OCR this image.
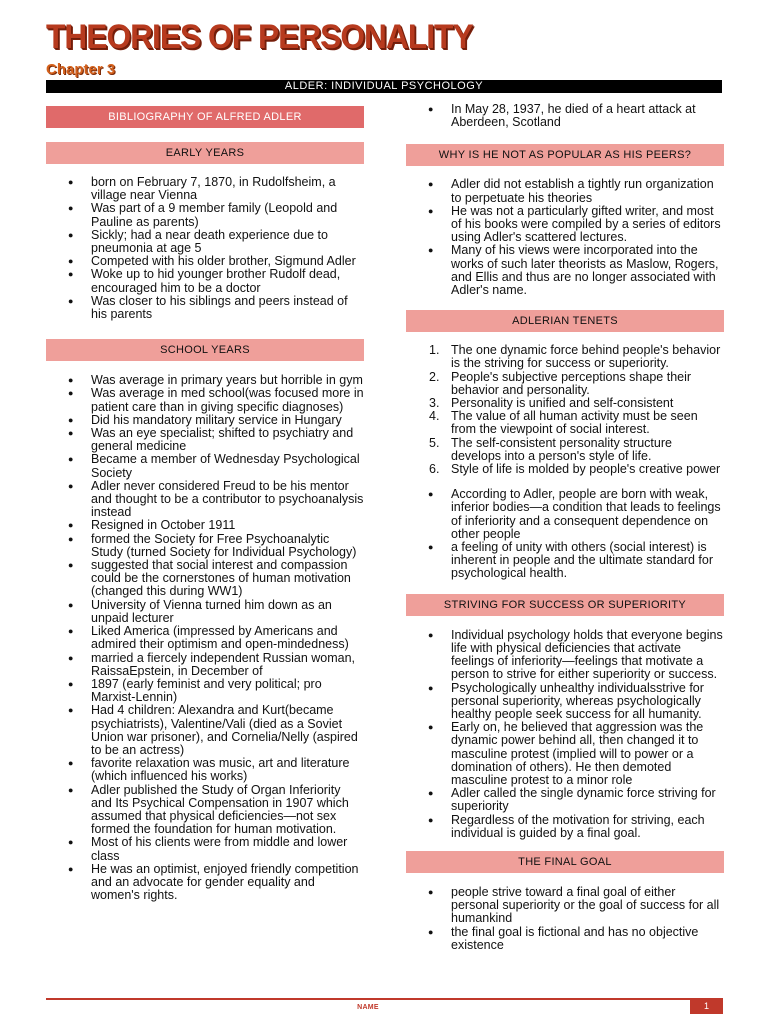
THEORIES OF PERSONALITY
Chapter 3
ALDER: INDIVIDUAL PSYCHOLOGY
BIBLIOGRAPHY OF ALFRED ADLER
EARLY YEARS
● born on February 7, 1870, in Rudolfsheim, a village near Vienna
● Was part of a 9 member family (Leopold and Pauline as parents)
● Sickly; had a near death experience due to pneumonia at age 5
● Competed with his older brother, Sigmund Adler
● Woke up to hid younger brother Rudolf dead, encouraged him to be a doctor
● Was closer to his siblings and peers instead of his parents
SCHOOL YEARS
● Was average in primary years but horrible in gym
● Was average in med school(was focused more in patient care than in giving specific diagnoses)
● Did his mandatory military service in Hungary
● Was an eye specialist; shifted to psychiatry and general medicine
● Became a member of Wednesday Psychological Society
● Adler never considered Freud to be his mentor and thought to be a contributor to psychoanalysis instead
● Resigned in October 1911
● formed the Society for Free Psychoanalytic Study (turned Society for Individual Psychology)
● suggested that social interest and compassion could be the cornerstones of human motivation (changed this during WW1)
● University of Vienna turned him down as an unpaid lecturer
● Liked America (impressed by Americans and admired their optimism and open-mindedness)
● married a fiercely independent Russian woman, RaissaEpstein, in December of
● 1897 (early feminist and very political; pro Marxist-Lennin)
● Had 4 children: Alexandra and Kurt(became psychiatrists), Valentine/Vali (died as a Soviet Union war prisoner), and Cornelia/Nelly (aspired to be an actress)
● favorite relaxation was music, art and literature (which influenced his works)
● Adler published the Study of Organ Inferiority and Its Psychical Compensation in 1907 which assumed that physical deficiencies—not sex formed the foundation for human motivation.
● Most of his clients were from middle and lower class
● He was an optimist, enjoyed friendly competition and an advocate for gender equality and women's rights.
● In May 28, 1937, he died of a heart attack at Aberdeen, Scotland
WHY IS HE NOT AS POPULAR AS HIS PEERS?
● Adler did not establish a tightly run organization to perpetuate his theories
● He was not a particularly gifted writer, and most of his books were compiled by a series of editors using Adler's scattered lectures.
● Many of his views were incorporated into the works of such later theorists as Maslow, Rogers, and Ellis and thus are no longer associated with Adler's name.
ADLERIAN TENETS
1. The one dynamic force behind people's behavior is the striving for success or superiority.
2. People's subjective perceptions shape their behavior and personality.
3. Personality is unified and self-consistent
4. The value of all human activity must be seen from the viewpoint of social interest.
5. The self-consistent personality structure develops into a person's style of life.
6. Style of life is molded by people's creative power
● According to Adler, people are born with weak, inferior bodies—a condition that leads to feelings of inferiority and a consequent dependence on other people
● a feeling of unity with others (social interest) is inherent in people and the ultimate standard for psychological health.
STRIVING FOR SUCCESS OR SUPERIORITY
● Individual psychology holds that everyone begins life with physical deficiencies that activate feelings of inferiority—feelings that motivate a person to strive for either superiority or success.
● Psychologically unhealthy individualsstrive for personal superiority, whereas psychologically healthy people seek success for all humanity.
● Early on, he believed that aggression was the dynamic power behind all, then changed it to masculine protest (implied will to power or a domination of others). He then demoted masculine protest to a minor role
● Adler called the single dynamic force striving for superiority
● Regardless of the motivation for striving, each individual is guided by a final goal.
THE FINAL GOAL
● people strive toward a final goal of either personal superiority or the goal of success for all humankind
● the final goal is fictional and has no objective existence
NAME	1
